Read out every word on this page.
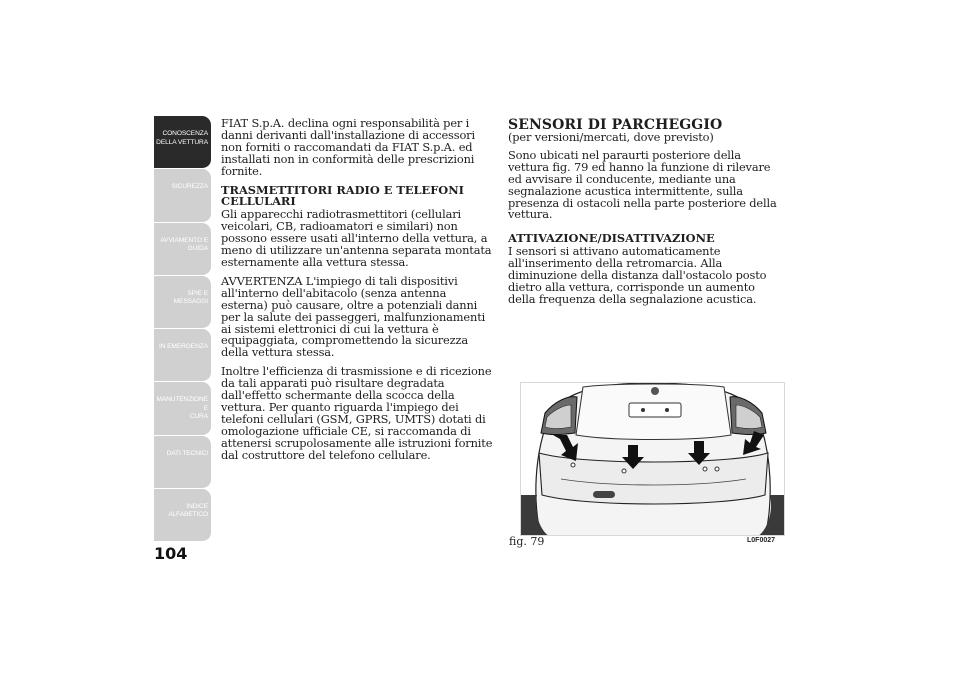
CONOSCENZA
DELLA VETTURA
SICUREZZA
AVVIAMENTO E
GUIDA
SPIE E MESSAGGI
IN EMERGENZA
MANUTENZIONE E
CURA
DATI TECNICI
INDICE
ALFABETICO
104

FIAT S.p.A. declina ogni responsabilità per i danni derivanti dall'installazione di accessori non forniti o raccomandati da FIAT S.p.A. ed installati non in conformità delle prescrizioni fornite.

TRASMETTITORI RADIO E TELEFONI CELLULARI

Gli apparecchi radiotrasmettitori (cellulari veicolari, CB, radioamatori e similari) non possono essere usati all'interno della vettura, a meno di utilizzare un'antenna separata montata esternamente alla vettura stessa.

AVVERTENZA L'impiego di tali dispositivi all'interno dell'abitacolo (senza antenna esterna) può causare, oltre a potenziali danni per la salute dei passeggeri, malfunzionamenti ai sistemi elettronici di cui la vettura è equipaggiata, compromettendo la sicurezza della vettura stessa.

Inoltre l'efficienza di trasmissione e di ricezione da tali apparati può risultare degradata dall'effetto schermante della scocca della vettura. Per quanto riguarda l'impiego dei telefoni cellulari (GSM, GPRS, UMTS) dotati di omologazione ufficiale CE, si raccomanda di attenersi scrupolosamente alle istruzioni fornite dal costruttore del telefono cellulare.

SENSORI DI PARCHEGGIO

(per versioni/mercati, dove previsto)

Sono ubicati nel paraurti posteriore della vettura fig. 79 ed hanno la funzione di rilevare ed avvisare il conducente, mediante una segnalazione acustica intermittente, sulla presenza di ostacoli nella parte posteriore della vettura.

ATTIVAZIONE/DISATTIVAZIONE

I sensori si attivano automaticamente all'inserimento della retromarcia. Alla diminuzione della distanza dall'ostacolo posto dietro alla vettura, corrisponde un aumento della frequenza della segnalazione acustica.

fig. 79	L0F0027
